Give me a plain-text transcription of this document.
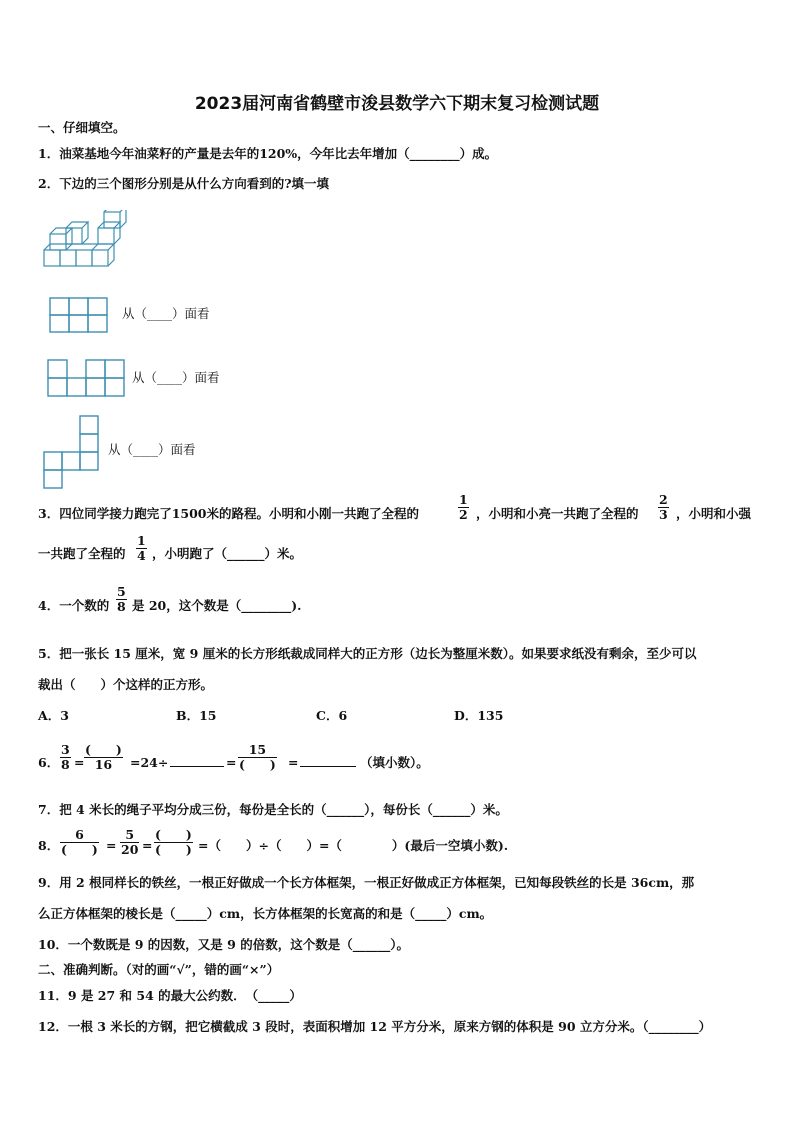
2023届河南省鹤壁市浚县数学六下期末复习检测试题
一、仔细填空。
1．油菜基地今年油菜籽的产量是去年的120%，今年比去年增加（________）成。
2．下边的三个图形分别是从什么方向看到的?填一填
从（____）面看
从（____）面看
从（____）面看
3．四位同学接力跑完了1500米的路程。小明和小刚一共跑了全程的	$\frac{1}{2}$ ，小明和小亮一共跑了全程的 $\frac{2}{3}$ ，小明和小强
一共跑了全程的 $\frac{1}{4}$ ，小明跑了（______）米。
4．一个数的 $\frac{5}{8}$ 是 20，这个数是（________).
5．把一张长 15 厘米，宽 9 厘米的长方形纸裁成同样大的正方形（边长为整厘米数）。如果要求纸没有剩余，至少可以
裁出（　　）个这样的正方形。
A．3	B．15	C．6	D．135
6． $\frac{3}{8}$ =
(　　)
16	=24÷	=
15
(　　) =	（填小数）。
7．把 4 米长的绳子平均分成三份，每份是全长的（______），每份长（______）米。
8．
6
(　　) = $\frac{5}{20}$ =
(　　)
(　　) =（　　）÷（　　）=（　　　　）(最后一空填小数).
9．用 2 根同样长的铁丝，一根正好做成一个长方体框架，一根正好做成正方体框架，已知每段铁丝的长是 36cm，那
么正方体框架的棱长是（_____）cm，长方体框架的长宽高的和是（_____）cm。
10．一个数既是 9 的因数，又是 9 的倍数，这个数是（______）。
二、准确判断。（对的画“√”，错的画“×”）
11．9 是 27 和 54 的最大公约数．　（_____）
12．一根 3 米长的方钢，把它横截成 3 段时，表面积增加 12 平方分米，原来方钢的体积是 90 立方分米。（________）
